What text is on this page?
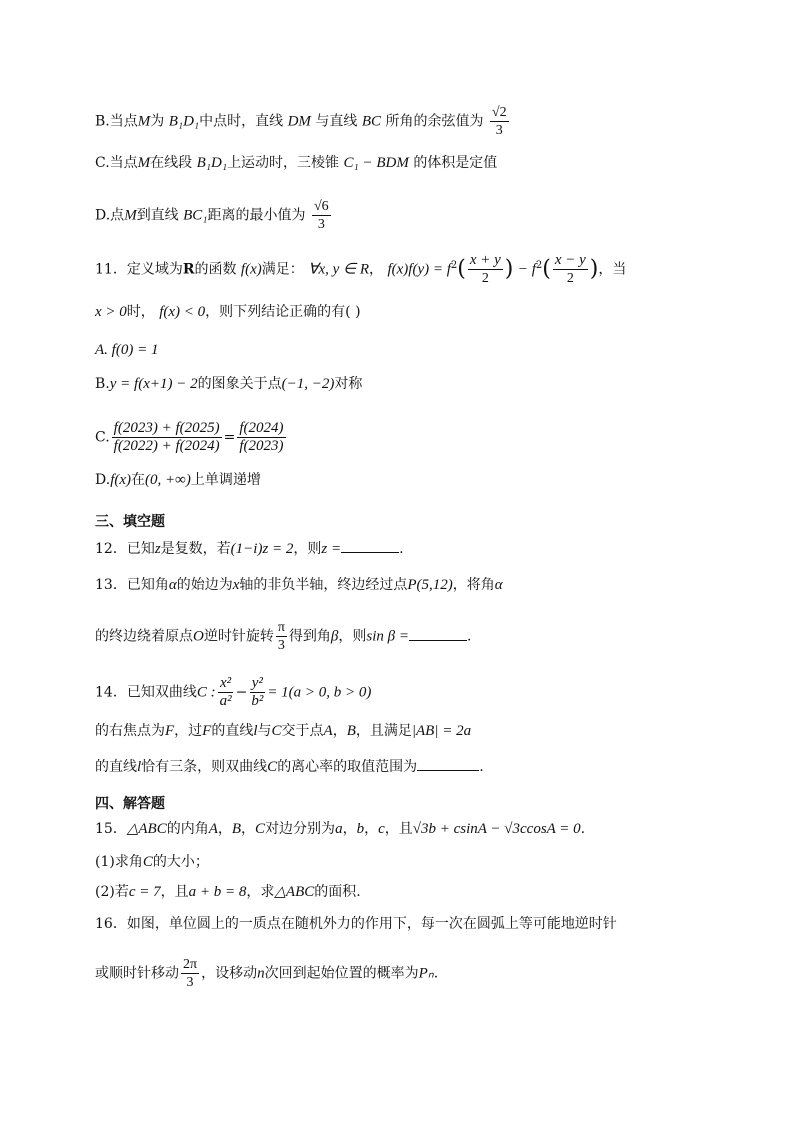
B.当点M为 B₁D₁中点时，直线 DM 与直线 BC 所角的余弦值为 $\frac{√2}{3}$
C.当点M在线段 B₁D₁上运动时，三棱锥 C₁ − BDM 的体积是定值
D.点M到直线 BC₁距离的最小值为 $\frac{√6}{3}$
11．定义域为R的函数 f(x)满足： ∀x, y ∈ R， $f(x)f(y) = f^2( \frac{x + y}{2}$ ) − $f^2( \frac{x - y}{2}$ )，当
x > 0时， f(x) < 0，则下列结论正确的有( )
A. f(0) = 1
B.y = f(x+1) − 2的图象关于点(−1, −2)对称
C. $\frac{f(2023) + f(2025)}{f(2022) + f(2024)} = \frac{f(2024)}{f(2023)}$
D.f(x)在(0, +∞)上单调递增
三、填空题
12．已知z是复数，若(1−i)z = 2，则z =	.
13．已知角α的始边为x轴的非负半轴，终边经过点P(5,12)，将角α
的终边绕着原点O逆时针旋转 $\frac{\pi}{3}$ 得到角β，则sin β =	.
14．已知双曲线C : $\frac{\text{x²}}{\text{a²}} - \frac{\text{y²}}{\text{b²}} = 1(a > 0$, b > 0)
的右焦点为F，过F的直线l与C交于点A，B，且满足|AB| = 2a
的直线l恰有三条，则双曲线C的离心率的取值范围为	.
四、解答题
15．△ABC的内角A，B，C对边分别为a，b，c，且√3b + csinA − √3ccosA = 0.
(1)求角C的大小；
(2)若c = 7，且a + b = 8，求△ABC的面积.
16．如图，单位圆上的一质点在随机外力的作用下，每一次在圆弧上等可能地逆时针
或顺时针移动 $\frac{2\pi}{3}$ ，设移动n次回到起始位置的概率为Pₙ.
